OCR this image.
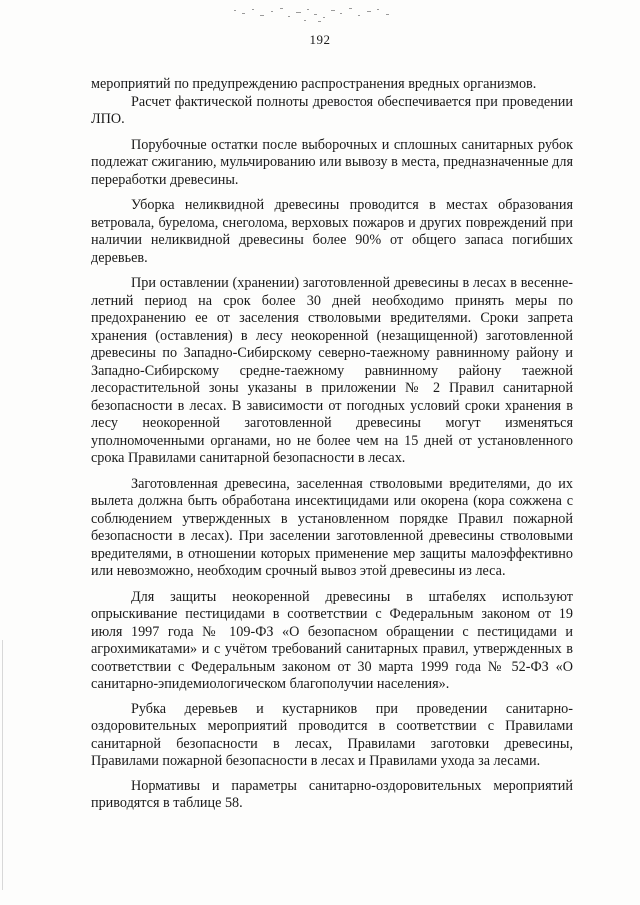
192

мероприятий по предупреждению распространения вредных организмов.

Расчет фактической полноты древостоя обеспечивается при проведении ЛПО.

Порубочные остатки после выборочных и сплошных санитарных рубок подлежат сжиганию, мульчированию или вывозу в места, предназначенные для переработки древесины.

Уборка неликвидной древесины проводится в местах образования ветровала, бурелома, снеголома, верховых пожаров и других повреждений при наличии неликвидной древесины более 90% от общего запаса погибших деревьев.

При оставлении (хранении) заготовленной древесины в лесах в весенне-летний период на срок более 30 дней необходимо принять меры по предохранению ее от заселения стволовыми вредителями. Сроки запрета хранения (оставления) в лесу неокоренной (незащищенной) заготовленной древесины по Западно-Сибирскому северно-таежному равнинному району и Западно-Сибирскому средне-таежному равнинному району таежной лесорастительной зоны указаны в приложении № 2 Правил санитарной безопасности в лесах. В зависимости от погодных условий сроки хранения в лесу неокоренной заготовленной древесины могут изменяться уполномоченными органами, но не более чем на 15 дней от установленного срока Правилами санитарной безопасности в лесах.

Заготовленная древесина, заселенная стволовыми вредителями, до их вылета должна быть обработана инсектицидами или окорена (кора сожжена с соблюдением утвержденных в установленном порядке Правил пожарной безопасности в лесах). При заселении заготовленной древесины стволовыми вредителями, в отношении которых применение мер защиты малоэффективно или невозможно, необходим срочный вывоз этой древесины из леса.

Для защиты неокоренной древесины в штабелях используют опрыскивание пестицидами в соответствии с Федеральным законом от 19 июля 1997 года № 109-ФЗ «О безопасном обращении с пестицидами и агрохимикатами» и с учётом требований санитарных правил, утвержденных в соответствии с Федеральным законом от 30 марта 1999 года № 52-ФЗ «О санитарно-эпидемиологическом благополучии населения».

Рубка деревьев и кустарников при проведении санитарно-оздоровительных мероприятий проводится в соответствии с Правилами санитарной безопасности в лесах, Правилами заготовки древесины, Правилами пожарной безопасности в лесах и Правилами ухода за лесами.

Нормативы и параметры санитарно-оздоровительных мероприятий приводятся в таблице 58.
